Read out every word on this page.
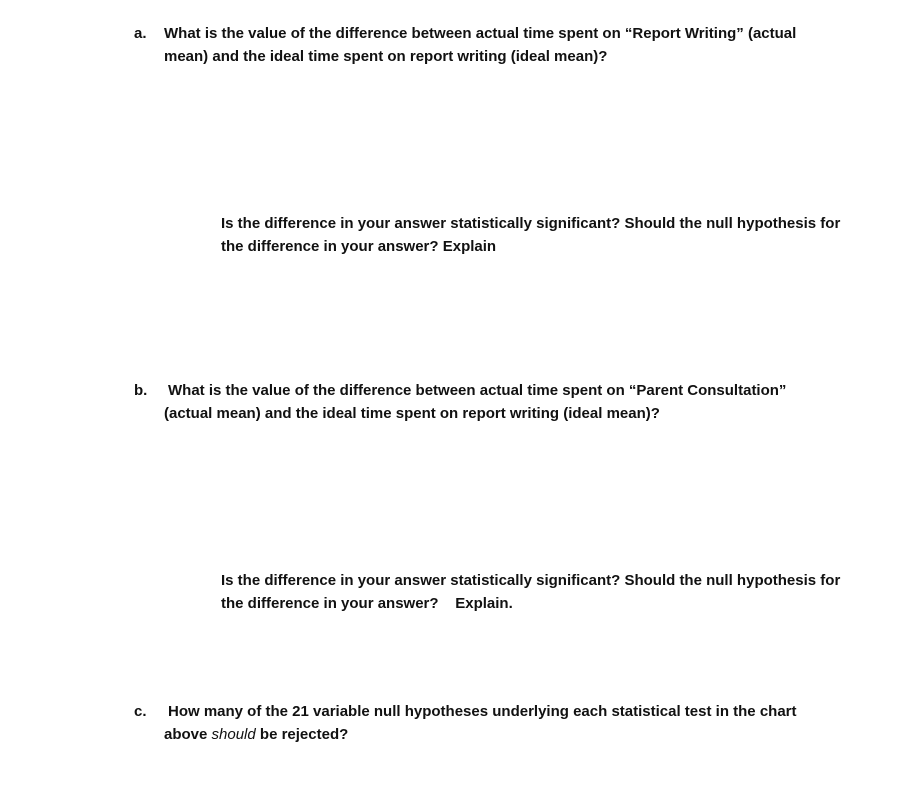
a. What is the value of the difference between actual time spent on “Report Writing” (actual
mean) and the ideal time spent on report writing (ideal mean)?
Is the difference in your answer statistically significant? Should the null hypothesis for
the difference in your answer? Explain
b. What is the value of the difference between actual time spent on “Parent Consultation”
(actual mean) and the ideal time spent on report writing (ideal mean)?
Is the difference in your answer statistically significant? Should the null hypothesis for
the difference in your answer?    Explain.
c. How many of the 21 variable null hypotheses underlying each statistical test in the chart
above should be rejected?
